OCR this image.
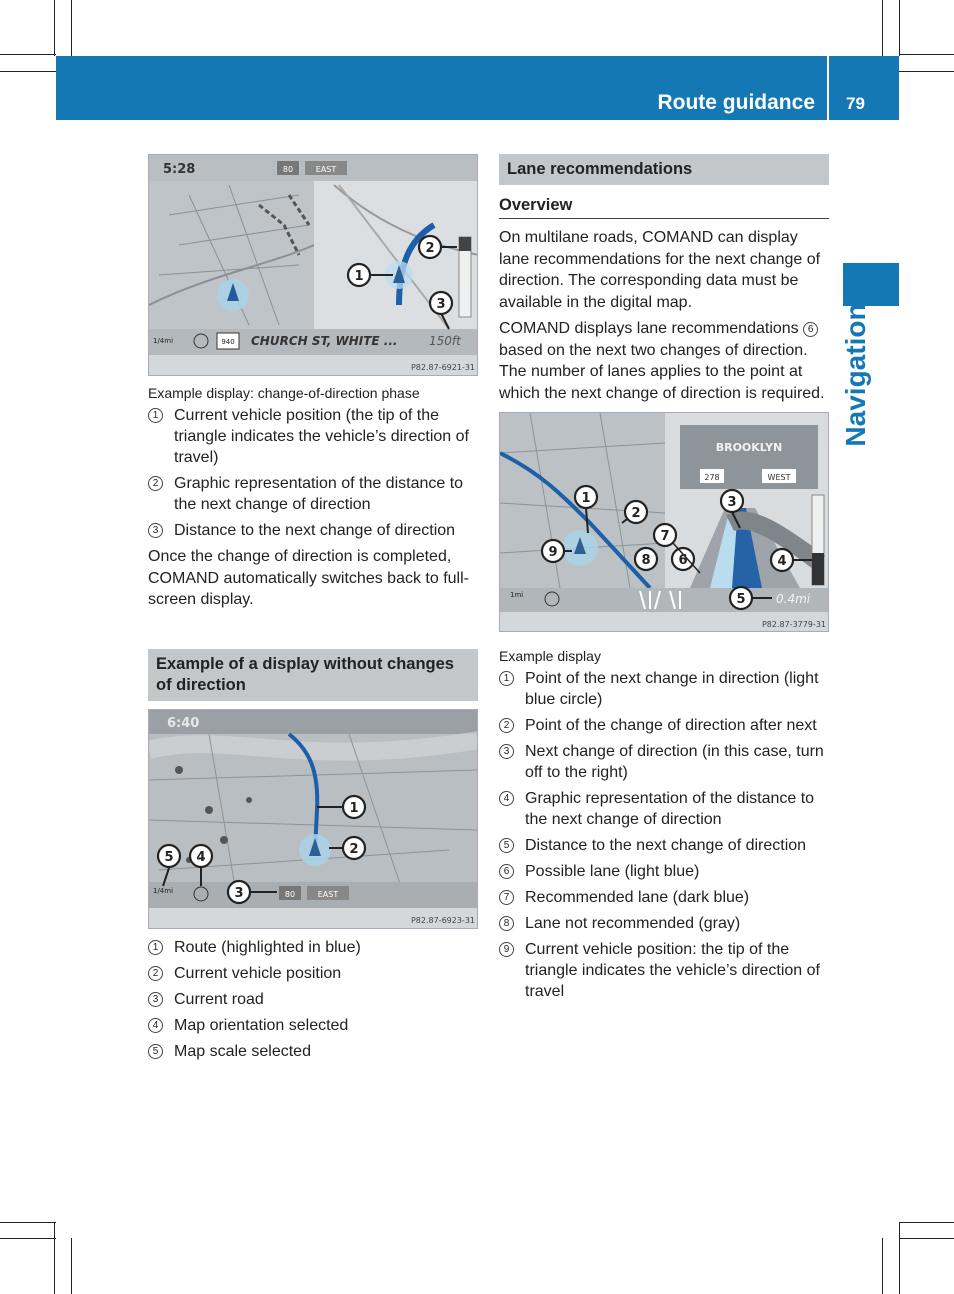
Route guidance 79
Navigation
5:28	80	EAST
1/4mi	940 CHURCH ST, WHITE ...	150ft
P82.87-6921-31
1
2
3
Example display: change-of-direction phase
1 Current vehicle position (the tip of the triangle indicates the vehicle’s direction of travel)
2 Graphic representation of the distance to the next change of direction
3 Distance to the next change of direction

Once the change of direction is completed, COMAND automatically switches back to full-screen display.

Example of a display without changes of direction
6:40
1/4mi	80	EAST
P82.87-6923-31
1
2
3
4
5
1 Route (highlighted in blue)
2 Current vehicle position
3 Current road
4 Map orientation selected
5 Map scale selected
Lane recommendations
Overview

On multilane roads, COMAND can display lane recommendations for the next change of direction. The corresponding data must be available in the digital map.

COMAND displays lane recommendations 6 based on the next two changes of direction. The number of lanes applies to the point at which the next change of direction is required.

BROOKLYN
278	WEST
1mi	0.4mi
P82.87-3779-31
1
2
3
4
5
6
7
8
9
Example display
1 Point of the next change in direction (light blue circle)
2 Point of the change of direction after next
3 Next change of direction (in this case, turn off to the right)
4 Graphic representation of the distance to the next change of direction
5 Distance to the next change of direction
6 Possible lane (light blue)
7 Recommended lane (dark blue)
8 Lane not recommended (gray)
9 Current vehicle position: the tip of the triangle indicates the vehicle’s direction of travel
